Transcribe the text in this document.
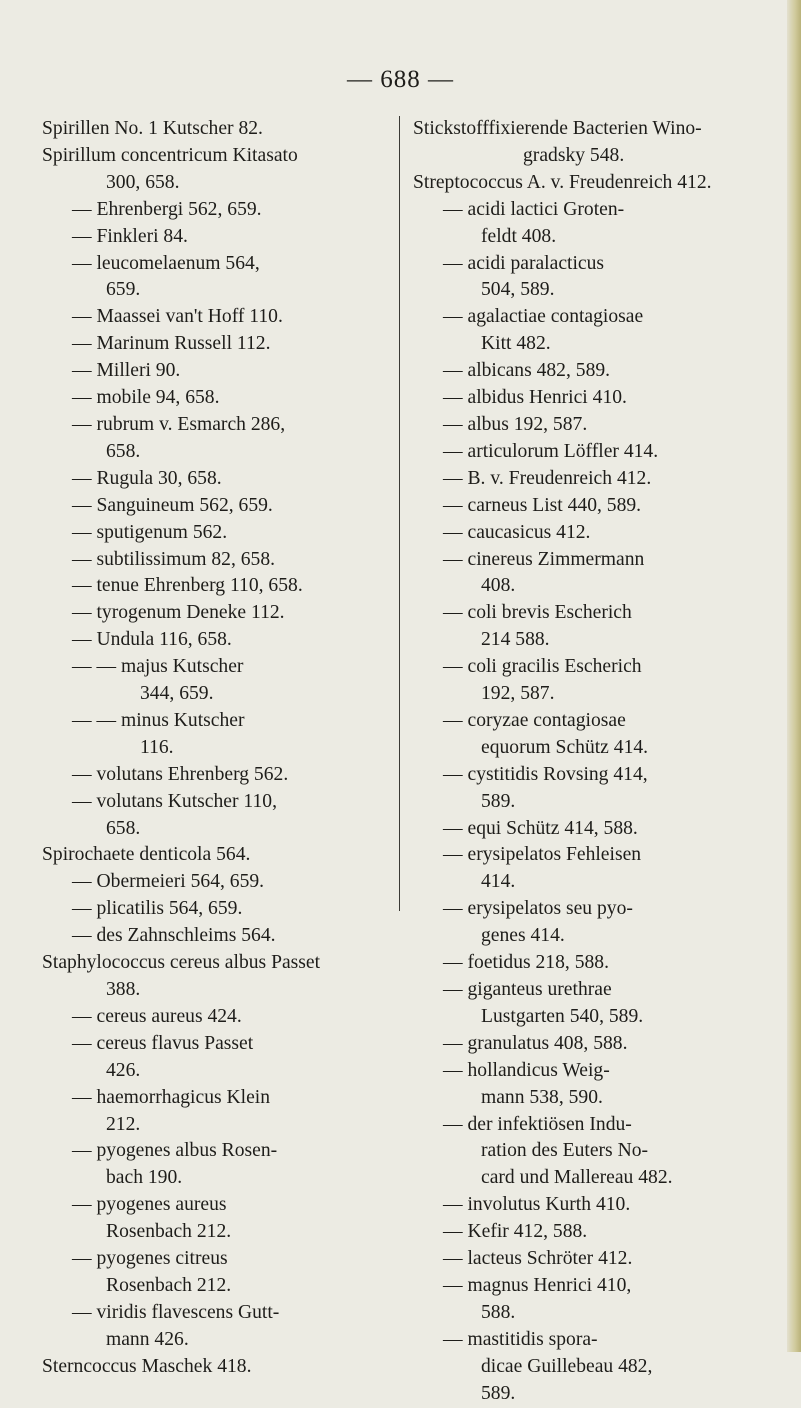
— 688 —
Spirillen No. 1 Kutscher 82.
Spirillum concentricum Kitasato
300, 658.
— Ehrenbergi 562, 659.
— Finkleri 84.
— leucomelaenum 564,
659.
— Maassei van't Hoff 110.
— Marinum Russell 112.
— Milleri 90.
— mobile 94, 658.
— rubrum v. Esmarch 286,
658.
— Rugula 30, 658.
— Sanguineum 562, 659.
— sputigenum 562.
— subtilissimum 82, 658.
— tenue Ehrenberg 110, 658.
— tyrogenum Deneke 112.
— Undula 116, 658.
— — majus Kutscher
344, 659.
— — minus Kutscher
116.
— volutans Ehrenberg 562.
— volutans Kutscher 110,
658.
Spirochaete denticola 564.
— Obermeieri 564, 659.
— plicatilis 564, 659.
— des Zahnschleims 564.
Staphylococcus cereus albus Passet
388.
— cereus aureus 424.
— cereus flavus Passet
426.
— haemorrhagicus Klein
212.
— pyogenes albus Rosen-
bach 190.
— pyogenes aureus
Rosenbach 212.
— pyogenes citreus
Rosenbach 212.
— viridis flavescens Gutt-
mann 426.
Sterncoccus Maschek 418.
Stickstofffixierende Bacterien Wino-
gradsky 548.
Streptococcus A. v. Freudenreich 412.
— acidi lactici Groten-
feldt 408.
— acidi paralacticus
504, 589.
— agalactiae contagiosae
Kitt 482.
— albicans 482, 589.
— albidus Henrici 410.
— albus 192, 587.
— articulorum Löffler 414.
— B. v. Freudenreich 412.
— carneus List 440, 589.
— caucasicus 412.
— cinereus Zimmermann
408.
— coli brevis Escherich
214 588.
— coli gracilis Escherich
192, 587.
— coryzae contagiosae
equorum Schütz 414.
— cystitidis Rovsing 414,
589.
— equi Schütz 414, 588.
— erysipelatos Fehleisen
414.
— erysipelatos seu pyo-
genes 414.
— foetidus 218, 588.
— giganteus urethrae
Lustgarten 540, 589.
— granulatus 408, 588.
— hollandicus Weig-
mann 538, 590.
— der infektiösen Indu-
ration des Euters No-
card und Mallereau 482.
— involutus Kurth 410.
— Kefir 412, 588.
— lacteus Schröter 412.
— magnus Henrici 410,
588.
— mastitidis spora-
dicae Guillebeau 482,
589.
